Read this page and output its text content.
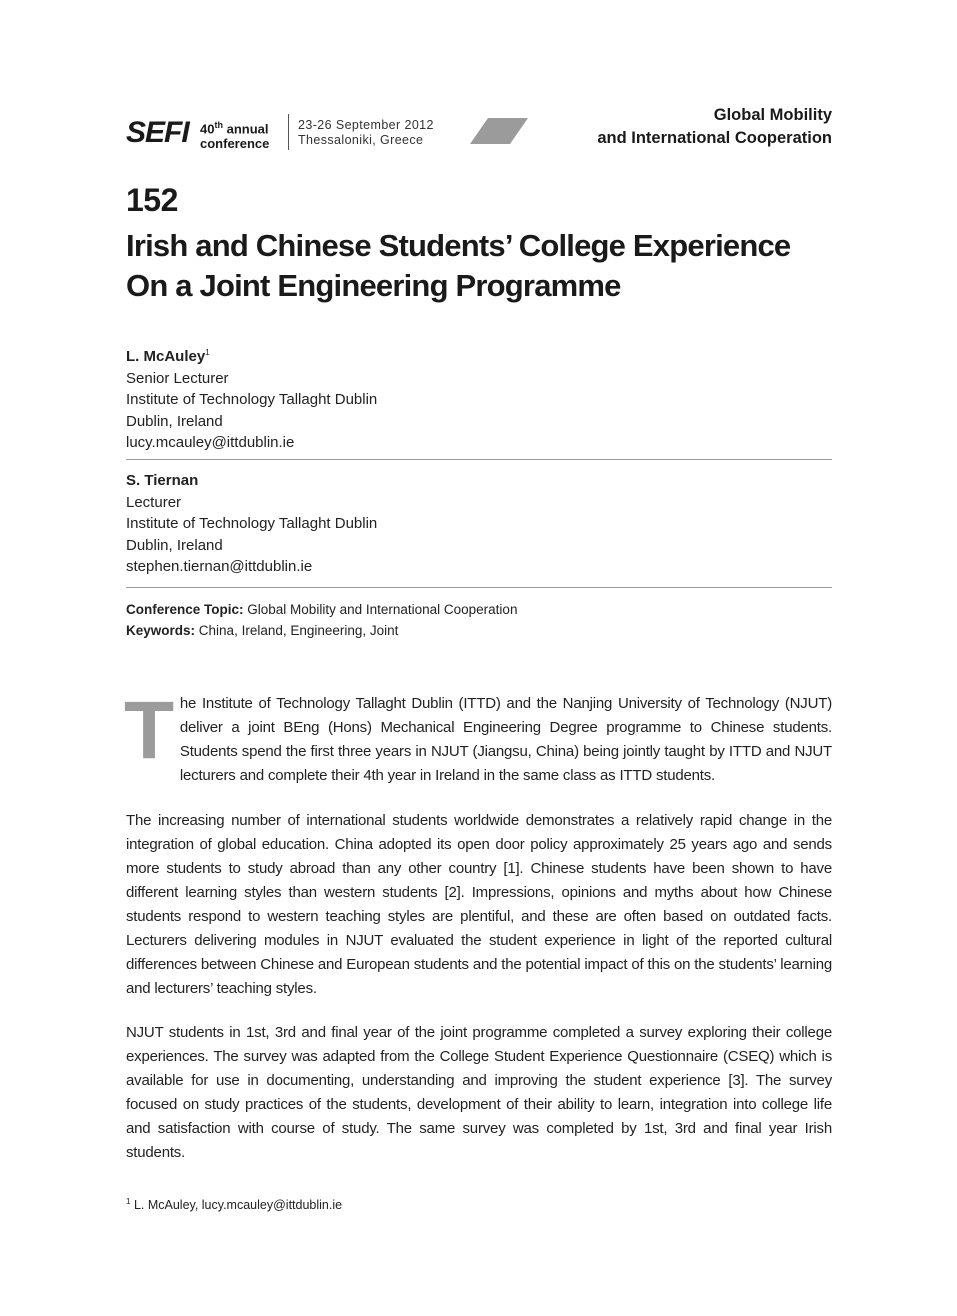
SEFI 40th annual
conference
23-26 September 2012
Thessaloniki, Greece
Global Mobility
and International Cooperation
152
Irish and Chinese Students’ College Experience
On a Joint Engineering Programme
L. McAuley$^1$
Senior Lecturer
Institute of Technology Tallaght Dublin
Dublin, Ireland
lucy.mcauley@ittdublin.ie
S. Tiernan
Lecturer
Institute of Technology Tallaght Dublin
Dublin, Ireland
stephen.tiernan@ittdublin.ie
Conference Topic: Global Mobility and International Cooperation
Keywords: China, Ireland, Engineering, Joint

The Institute of Technology Tallaght Dublin (ITTD) and the Nanjing University of Technology (NJUT) deliver a joint BEng (Hons) Mechanical Engineering Degree programme to Chinese students. Students spend the first three years in NJUT (Jiangsu, China) being jointly taught by ITTD and NJUT lecturers and complete their 4th year in Ireland in the same class as ITTD students.

The increasing number of international students worldwide demonstrates a relatively rapid change in the integration of global education. China adopted its open door policy approximately 25 years ago and sends more students to study abroad than any other country [1]. Chinese students have been shown to have different learning styles than western students [2]. Impressions, opinions and myths about how Chinese students respond to western teaching styles are plentiful, and these are often based on outdated facts. Lecturers delivering modules in NJUT evaluated the student experience in light of the reported cultural differences between Chinese and European students and the potential impact of this on the students’ learning and lecturers’ teaching styles.

NJUT students in 1st, 3rd and final year of the joint programme completed a survey exploring their college experiences. The survey was adapted from the College Student Experience Questionnaire (CSEQ) which is available for use in documenting, understanding and improving the student experience [3]. The survey focused on study practices of the students, development of their ability to learn, integration into college life and satisfaction with course of study. The same survey was completed by 1st, 3rd and final year Irish students.

$^1$ L. McAuley, lucy.mcauley@ittdublin.ie
